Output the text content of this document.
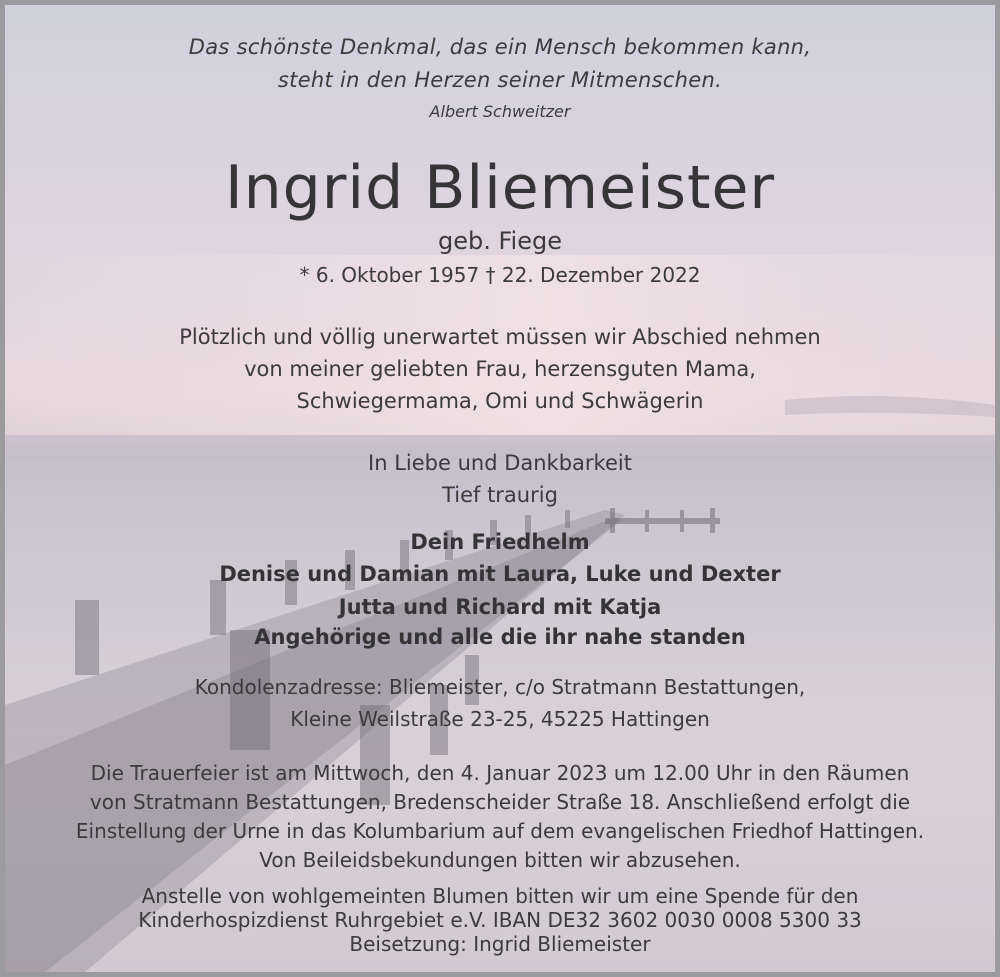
Das schönste Denkmal, das ein Mensch bekommen kann,
steht in den Herzen seiner Mitmenschen.
Albert Schweitzer
Ingrid Bliemeister
geb. Fiege
* 6. Oktober 1957 † 22. Dezember 2022
Plötzlich und völlig unerwartet müssen wir Abschied nehmen
von meiner geliebten Frau, herzensguten Mama,
Schwiegermama, Omi und Schwägerin
In Liebe und Dankbarkeit
Tief traurig
Dein Friedhelm
Denise und Damian mit Laura, Luke und Dexter
Jutta und Richard mit Katja
Angehörige und alle die ihr nahe standen
Kondolenzadresse: Bliemeister, c/o Stratmann Bestattungen,
Kleine Weilstraße 23-25, 45225 Hattingen
Die Trauerfeier ist am Mittwoch, den 4. Januar 2023 um 12.00 Uhr in den Räumen
von Stratmann Bestattungen, Bredenscheider Straße 18. Anschließend erfolgt die
Einstellung der Urne in das Kolumbarium auf dem evangelischen Friedhof Hattingen.
Von Beileidsbekundungen bitten wir abzusehen.
Anstelle von wohlgemeinten Blumen bitten wir um eine Spende für den
Kinderhospizdienst Ruhrgebiet e.V. IBAN DE32 3602 0030 0008 5300 33
Beisetzung: Ingrid Bliemeister
